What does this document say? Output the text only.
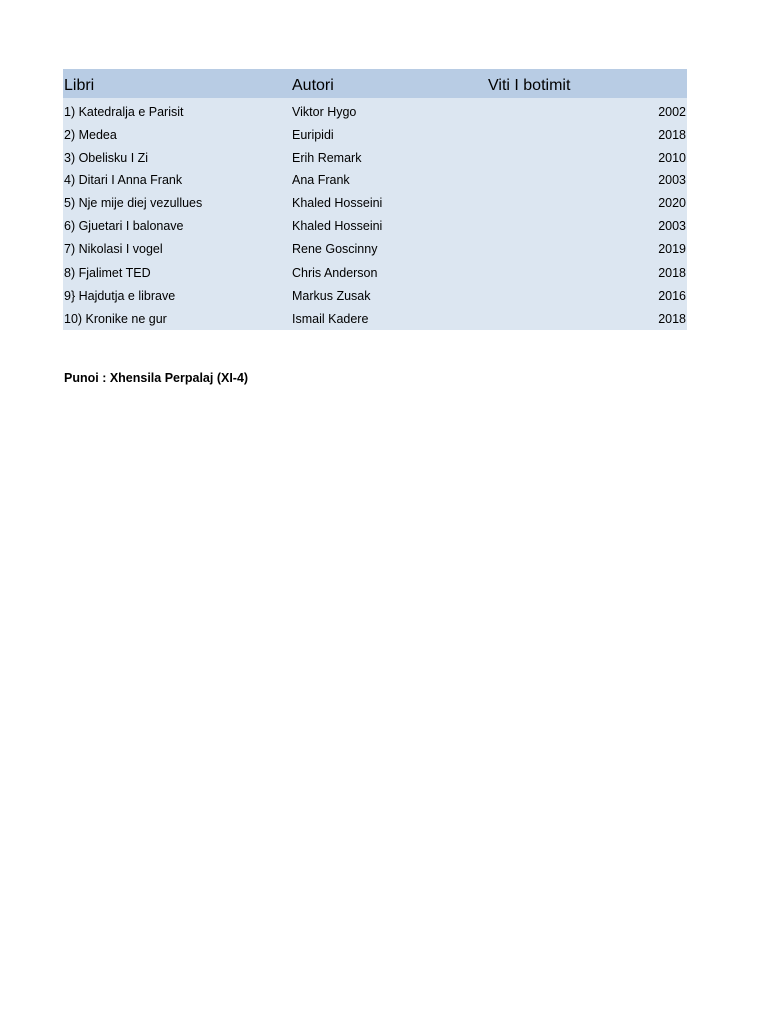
Libri	Autori	Viti I botimit
1) Katedralja e Parisit	Viktor Hygo	2002
2) Medea	Euripidi	2018
3) Obelisku I Zi	Erih Remark	2010
4) Ditari I Anna Frank	Ana Frank	2003
5) Nje mije diej vezullues	Khaled Hosseini	2020
6) Gjuetari I balonave	Khaled Hosseini	2003
7) Nikolasi I vogel	Rene Goscinny	2019
8) Fjalimet TED	Chris Anderson	2018
9} Hajdutja e librave	Markus Zusak	2016
10) Kronike ne gur	Ismail Kadere	2018
Punoi : Xhensila Perpalaj (XI-4)
